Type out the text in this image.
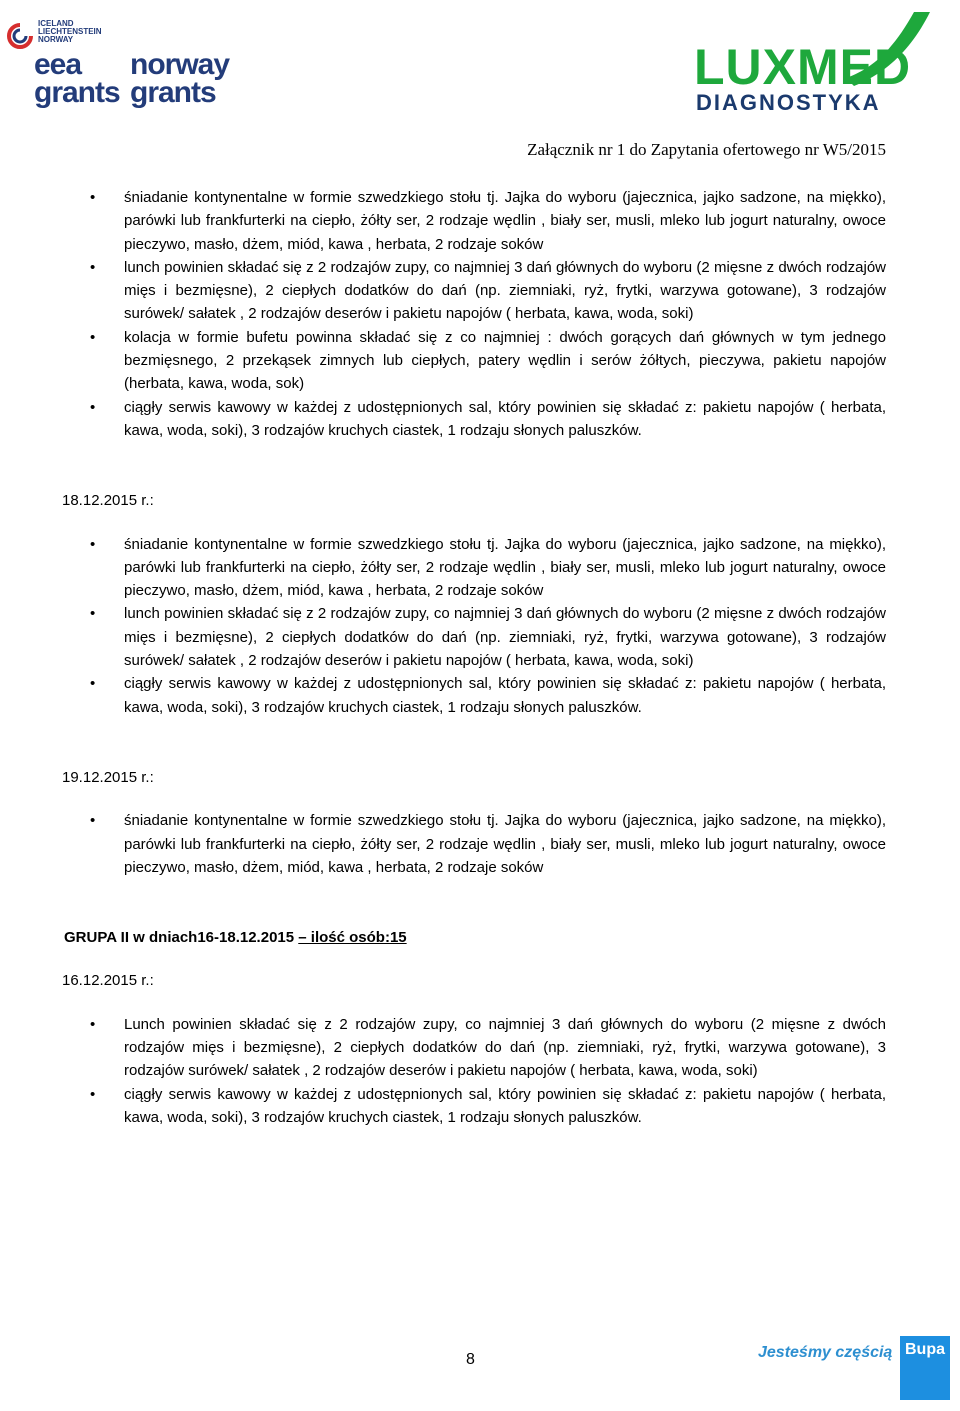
ICELAND
LIECHTENSTEIN
NORWAY
eea
grants
norway
grants	LUXMED
DIAGNOSTYKA
Załącznik nr 1 do Zapytania ofertowego nr W5/2015
• śniadanie kontynentalne w formie szwedzkiego stołu tj. Jajka do wyboru (jajecznica, jajko sadzone, na miękko), parówki lub frankfurterki na ciepło, żółty ser, 2 rodzaje wędlin , biały ser, musli, mleko lub jogurt naturalny, owoce pieczywo, masło, dżem, miód, kawa , herbata, 2 rodzaje soków
• lunch powinien składać się z 2 rodzajów zupy, co najmniej 3 dań głównych do wyboru (2 mięsne z dwóch rodzajów mięs i bezmięsne), 2 ciepłych dodatków do dań (np. ziemniaki, ryż, frytki, warzywa gotowane), 3 rodzajów surówek/ sałatek , 2 rodzajów deserów i pakietu napojów ( herbata, kawa, woda, soki)
• kolacja w formie bufetu powinna składać się z co najmniej : dwóch gorących dań głównych w tym jednego bezmięsnego, 2 przekąsek zimnych lub ciepłych, patery wędlin i serów żółtych, pieczywa, pakietu napojów (herbata, kawa, woda, sok)
• ciągły serwis kawowy w każdej z udostępnionych sal, który powinien się składać z: pakietu napojów ( herbata, kawa, woda, soki), 3 rodzajów kruchych ciastek, 1 rodzaju słonych paluszków.
18.12.2015 r.:
• śniadanie kontynentalne w formie szwedzkiego stołu tj. Jajka do wyboru (jajecznica, jajko sadzone, na miękko), parówki lub frankfurterki na ciepło, żółty ser, 2 rodzaje wędlin , biały ser, musli, mleko lub jogurt naturalny, owoce pieczywo, masło, dżem, miód, kawa , herbata, 2 rodzaje soków
• lunch powinien składać się z 2 rodzajów zupy, co najmniej 3 dań głównych do wyboru (2 mięsne z dwóch rodzajów mięs i bezmięsne), 2 ciepłych dodatków do dań (np. ziemniaki, ryż, frytki, warzywa gotowane), 3 rodzajów surówek/ sałatek , 2 rodzajów deserów i pakietu napojów ( herbata, kawa, woda, soki)
• ciągły serwis kawowy w każdej z udostępnionych sal, który powinien się składać z: pakietu napojów ( herbata, kawa, woda, soki), 3 rodzajów kruchych ciastek, 1 rodzaju słonych paluszków.
19.12.2015 r.:
• śniadanie kontynentalne w formie szwedzkiego stołu tj. Jajka do wyboru (jajecznica, jajko sadzone, na miękko), parówki lub frankfurterki na ciepło, żółty ser, 2 rodzaje wędlin , biały ser, musli, mleko lub jogurt naturalny, owoce pieczywo, masło, dżem, miód, kawa , herbata, 2 rodzaje soków
GRUPA II w dniach16-18.12.2015 – ilość osób:15
16.12.2015 r.:
• Lunch powinien składać się z 2 rodzajów zupy, co najmniej 3 dań głównych do wyboru (2 mięsne z dwóch rodzajów mięs i bezmięsne), 2 ciepłych dodatków do dań (np. ziemniaki, ryż, frytki, warzywa gotowane), 3 rodzajów surówek/ sałatek , 2 rodzajów deserów i pakietu napojów ( herbata, kawa, woda, soki)
• ciągły serwis kawowy w każdej z udostępnionych sal, który powinien się składać z: pakietu napojów ( herbata, kawa, woda, soki), 3 rodzajów kruchych ciastek, 1 rodzaju słonych paluszków.
8	Jesteśmy częścią Bupa
